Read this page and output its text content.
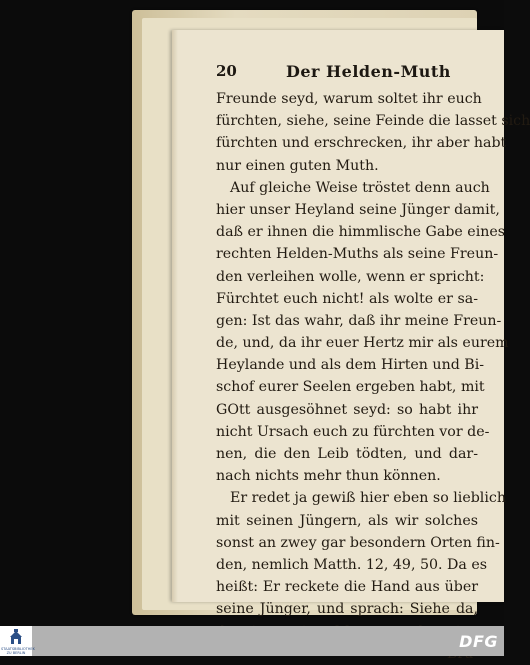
20	Der Helden-Muth
Freunde seyd, warum soltet ihr euch
fürchten, siehe, seine Feinde die lasset sich
fürchten und erschrecken, ihr aber habt
nur einen guten Muth.
Auf gleiche Weise tröstet denn auch
hier unser Heyland seine Jünger damit,
daß er ihnen die himmlische Gabe eines
rechten Helden-Muths als seine Freun-
den verleihen wolle, wenn er spricht:
Fürchtet euch nicht! als wolte er sa-
gen: Ist das wahr, daß ihr meine Freun-
de, und, da ihr euer Hertz mir als eurem
Heylande und als dem Hirten und Bi-
schof eurer Seelen ergeben habt, mit
GOtt ausgesöhnet seyd: so habt ihr
nicht Ursach euch zu fürchten vor de-
nen, die den Leib tödten, und dar-
nach nichts mehr thun können.
Er redet ja gewiß hier eben so lieblich
mit seinen Jüngern, als wir solches
sonst an zwey gar besondern Orten fin-
den, nemlich Matth. 12, 49, 50. Da es
heißt: Er reckete die Hand aus über
seine Jünger, und sprach: Siehe da,
STAATSBIBLIOTHEK ZU BERLIN
DFG
